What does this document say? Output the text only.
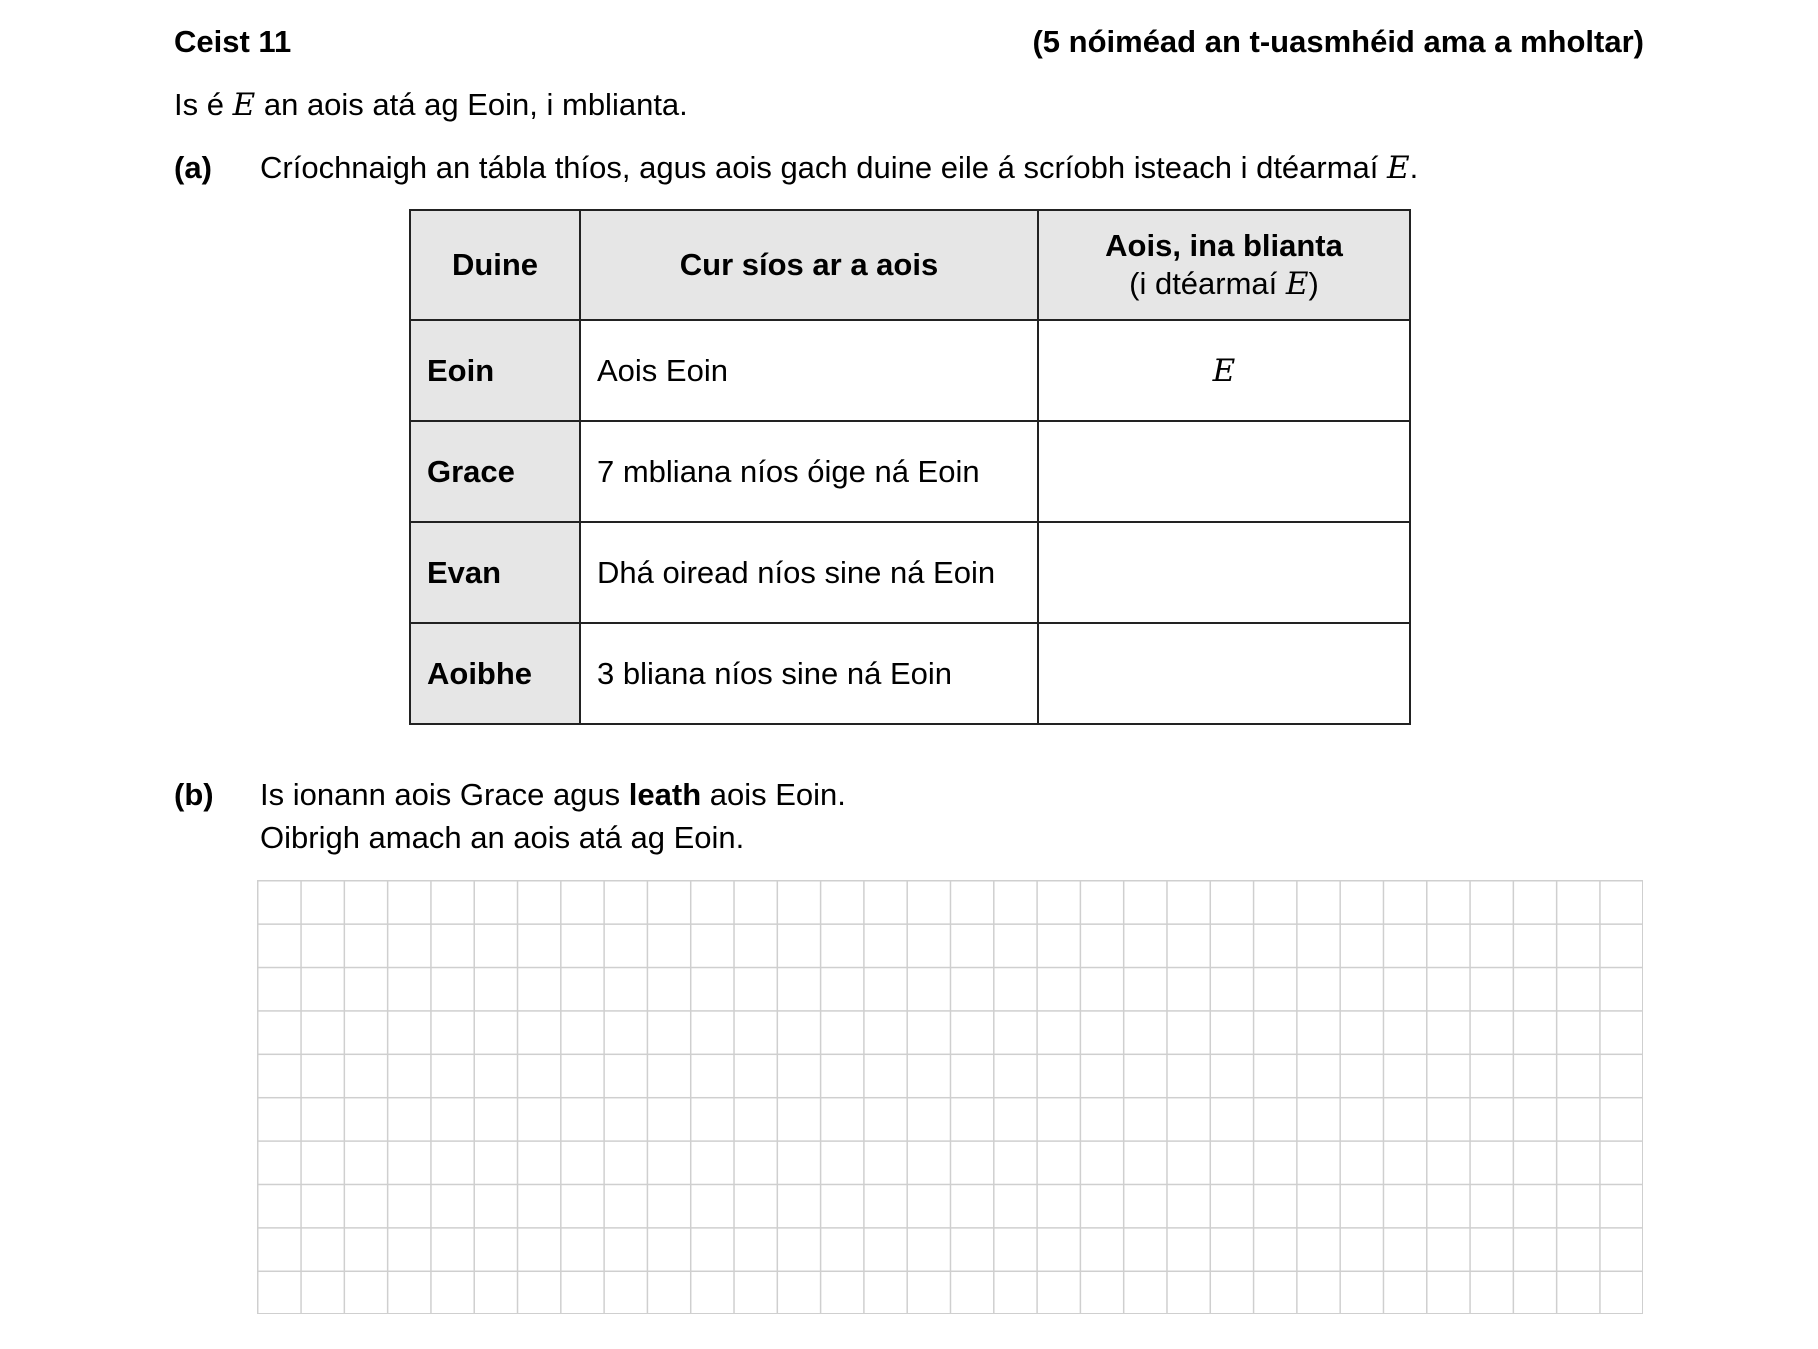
Ceist 11	(5 nóiméad an t-uasmhéid ama a mholtar)
Is é E an aois atá ag Eoin, i mblianta.
(a) Críochnaigh an tábla thíos, agus aois gach duine eile á scríobh isteach i dtéarmaí E.
Duine	Cur síos ar a aois	Aois, ina blianta
(i dtéarmaí E)

Eoin	Aois Eoin	E
Grace	7 mbliana níos óige ná Eoin	
Evan	Dhá oiread níos sine ná Eoin	
Aoibhe	3 bliana níos sine ná Eoin	
(b) Is ionann aois Grace agus leath aois Eoin.
Oibrigh amach an aois atá ag Eoin.
